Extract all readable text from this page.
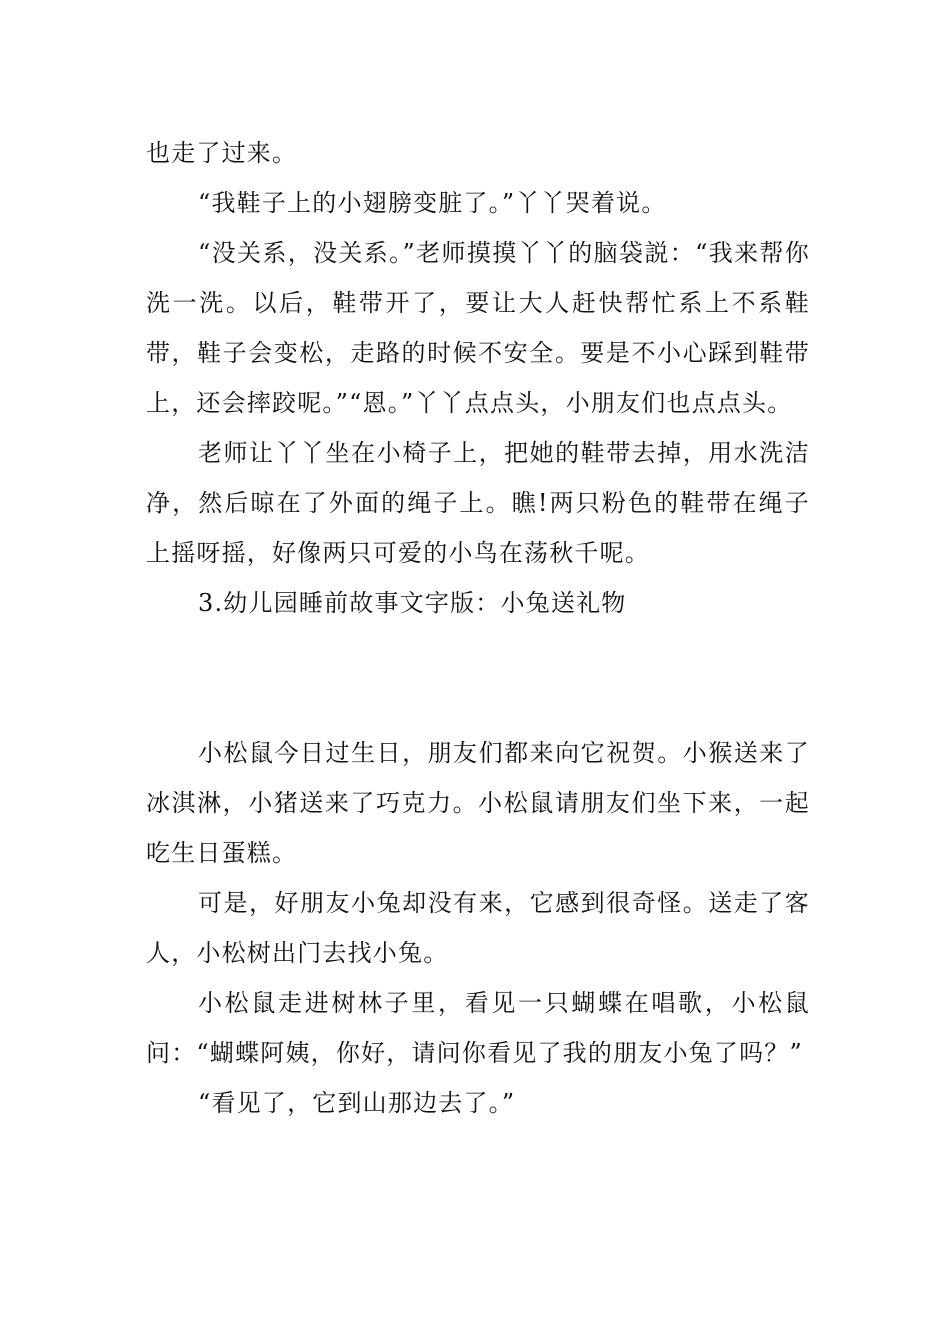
也走了过来。

“我鞋子上的小翅膀变脏了。”丫丫哭着说。

“没关系，没关系。”老师摸摸丫丫的脑袋説：“我来帮你洗一洗。以后，鞋带开了，要让大人赶快帮忙系上不系鞋带，鞋子会变松，走路的时候不安全。要是不小心踩到鞋带上，还会摔跤呢。”“恩。”丫丫点点头，小朋友们也点点头。

老师让丫丫坐在小椅子上，把她的鞋带去掉，用水洗洁净，然后晾在了外面的绳子上。瞧!两只粉色的鞋带在绳子上摇呀摇，好像两只可爱的小鸟在荡秋千呢。

3.幼儿园睡前故事文字版：小兔送礼物

小松鼠今日过生日，朋友们都来向它祝贺。小猴送来了冰淇淋，小猪送来了巧克力。小松鼠请朋友们坐下来，一起吃生日蛋糕。

可是，好朋友小兔却没有来，它感到很奇怪。送走了客人，小松树出门去找小兔。

小松鼠走进树林子里，看见一只蝴蝶在唱歌，小松鼠问：“蝴蝶阿姨，你好，请问你看见了我的朋友小兔了吗？”

“看见了，它到山那边去了。”
